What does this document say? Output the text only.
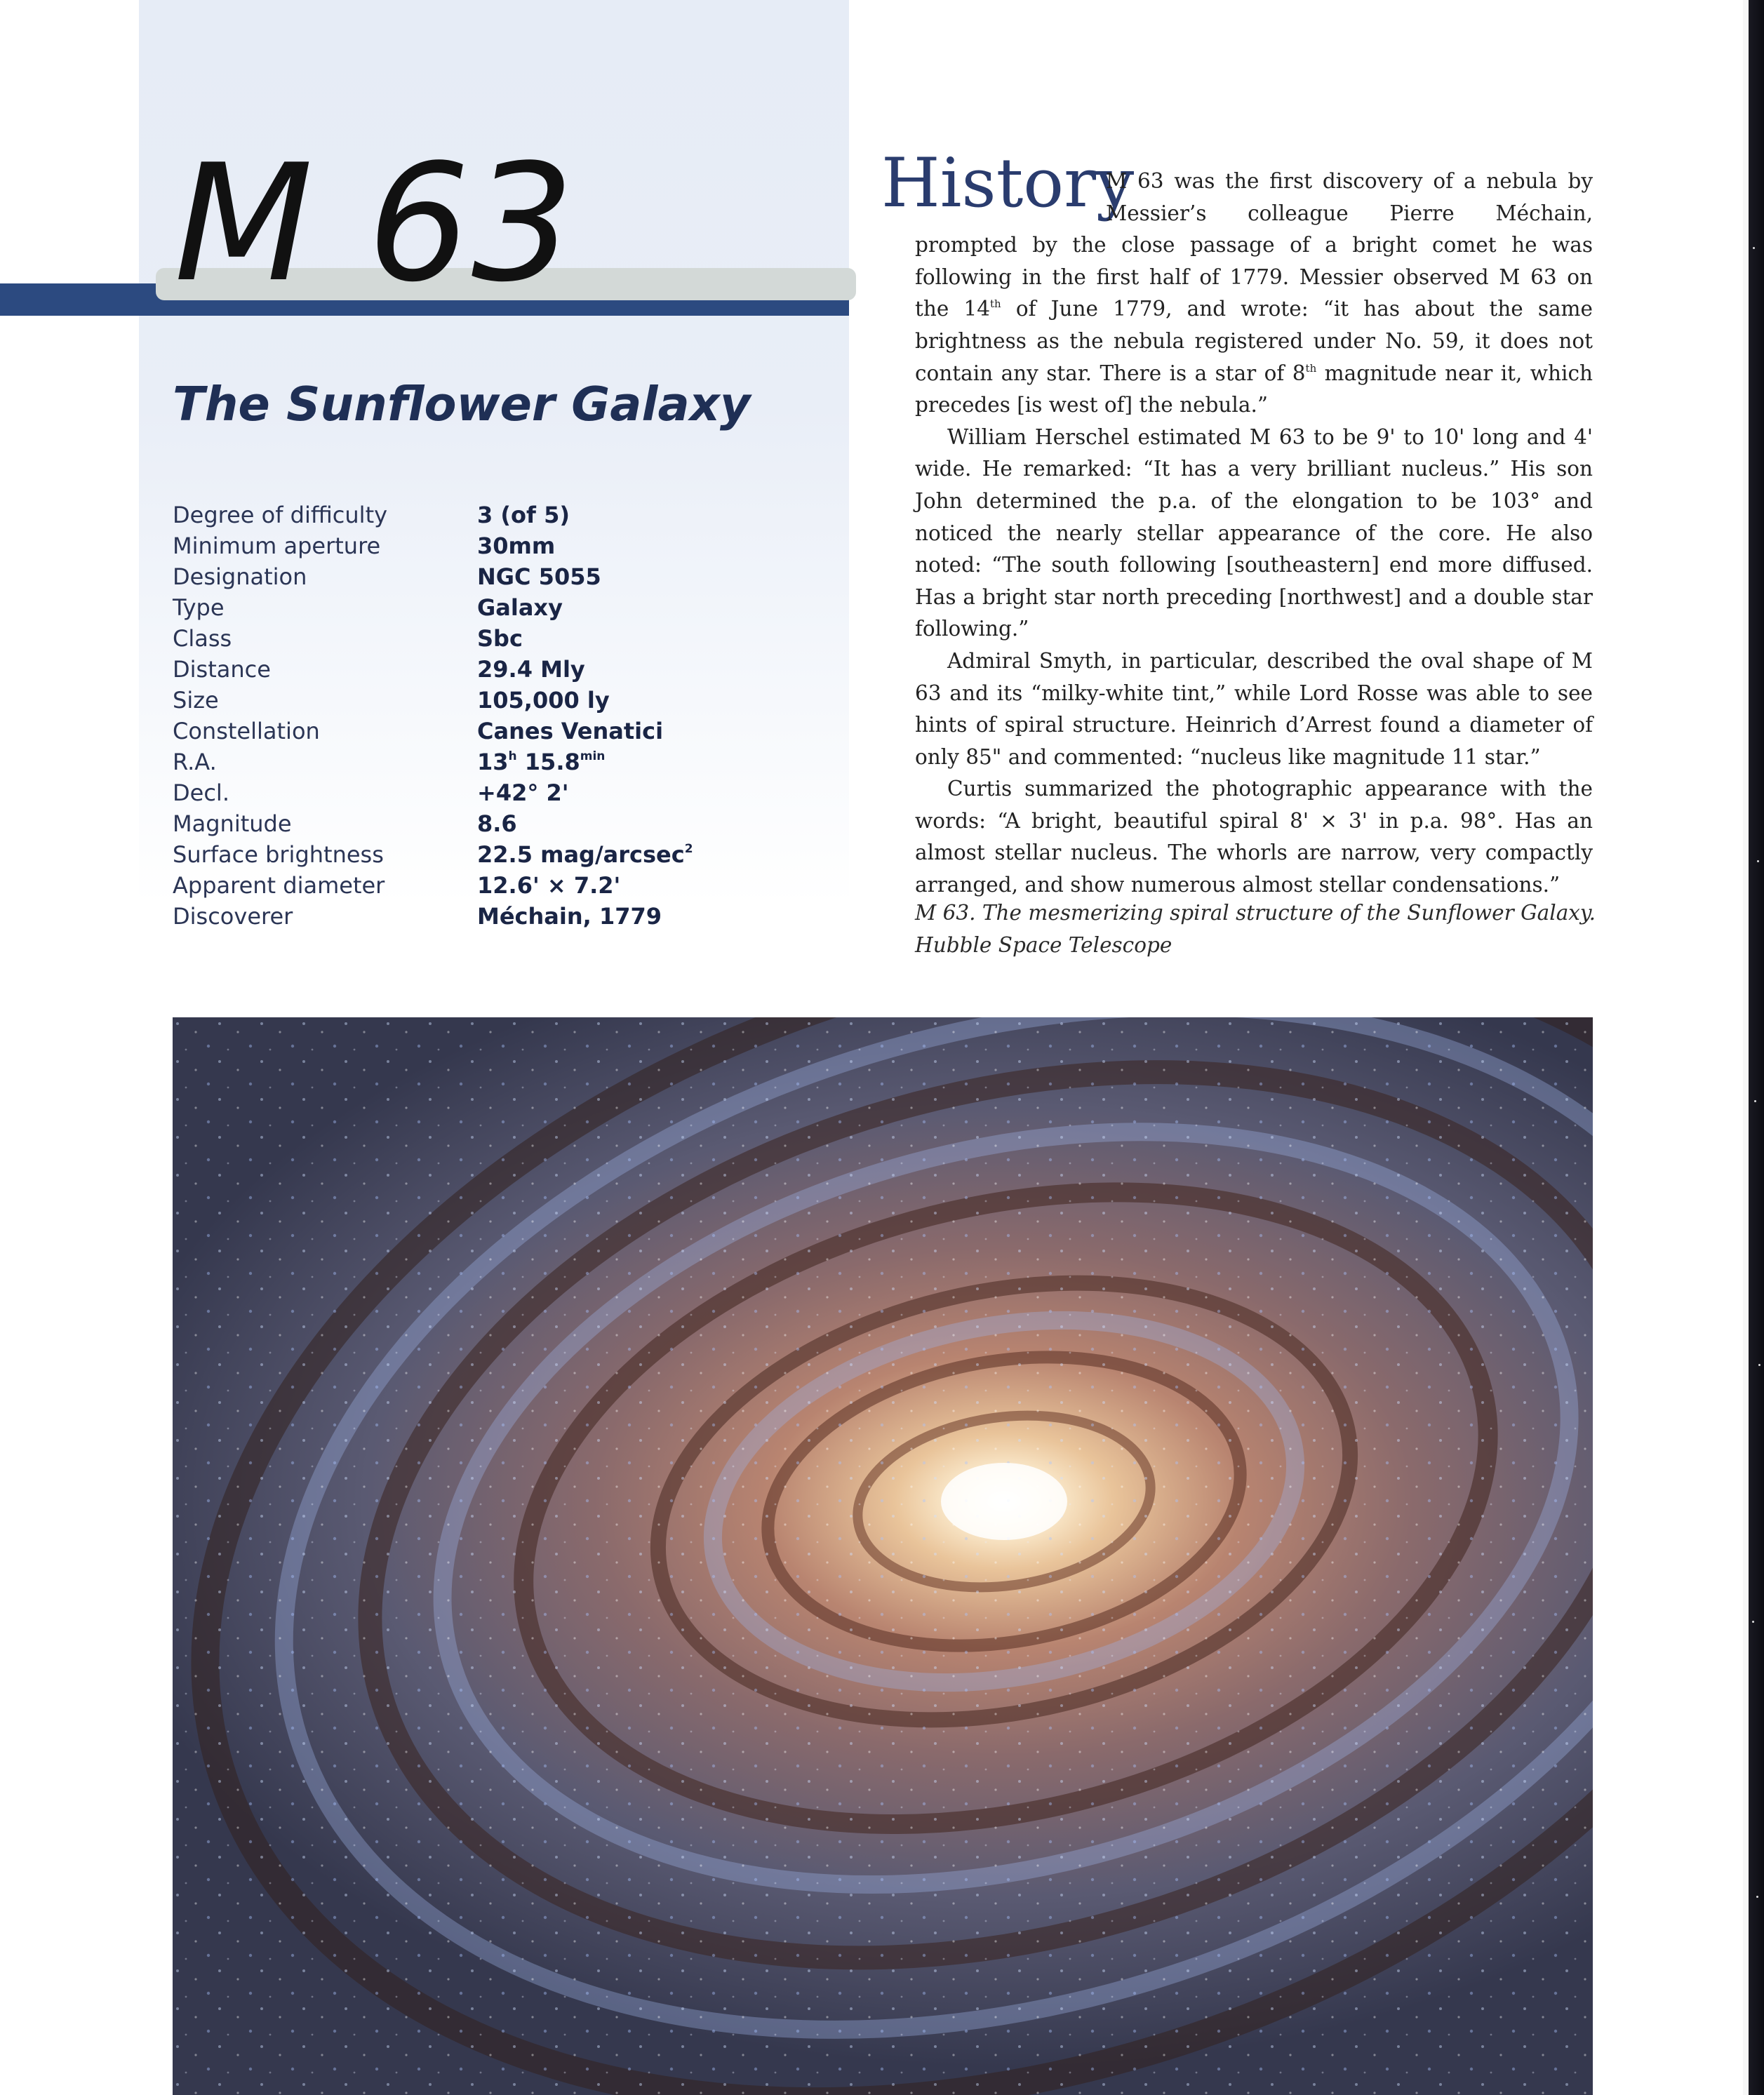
M 63
The Sunflower Galaxy
Degree of difficulty	3 (of 5)
Minimum aperture	30mm
Designation	NGC 5055
Type	Galaxy
Class	Sbc
Distance	29.4 Mly
Size	105,000 ly
Constellation	Canes Venatici
R.A.	13$^h$ $15.8^{min}$
Decl.	+42° 2'
Magnitude	8.6
Surface brightness	22.5 mag/arcsec$^2$
Apparent diameter	12.6' × 7.2'
Discoverer	Méchain, 1779
History

M 63 was the first discovery of a nebula by Messier’s colleague Pierre Méchain, prompted by the close passage of a bright comet he was following in the first half of 1779. Messier observed M 63 on the 14th of June 1779, and wrote: “it has about the same brightness as the nebula registered under No. 59, it does not contain any star. There is a star of 8th magnitude near it, which precedes [is west of] the nebula.”

William Herschel estimated M 63 to be 9' to 10' long and 4' wide. He remarked: “It has a very brilliant nucleus.” His son John determined the p.a. of the elongation to be 103° and noticed the nearly stellar appearance of the core. He also noted: “The south following [southeastern] end more diffused. Has a bright star north preceding [northwest] and a double star following.”

Admiral Smyth, in particular, described the oval shape of M 63 and its “milky-white tint,” while Lord Rosse was able to see hints of spiral structure. Heinrich d’Arrest found a diameter of only 85" and commented: “nucleus like magnitude 11 star.”

Curtis summarized the photographic appearance with the words: “A bright, beautiful spiral 8' × 3' in p.a. 98°. Has an almost stellar nucleus. The whorls are narrow, very compactly arranged, and show numerous almost stellar condensations.”

M 63. The mesmerizing spiral structure of the Sunflower Galaxy.
Hubble Space Telescope
